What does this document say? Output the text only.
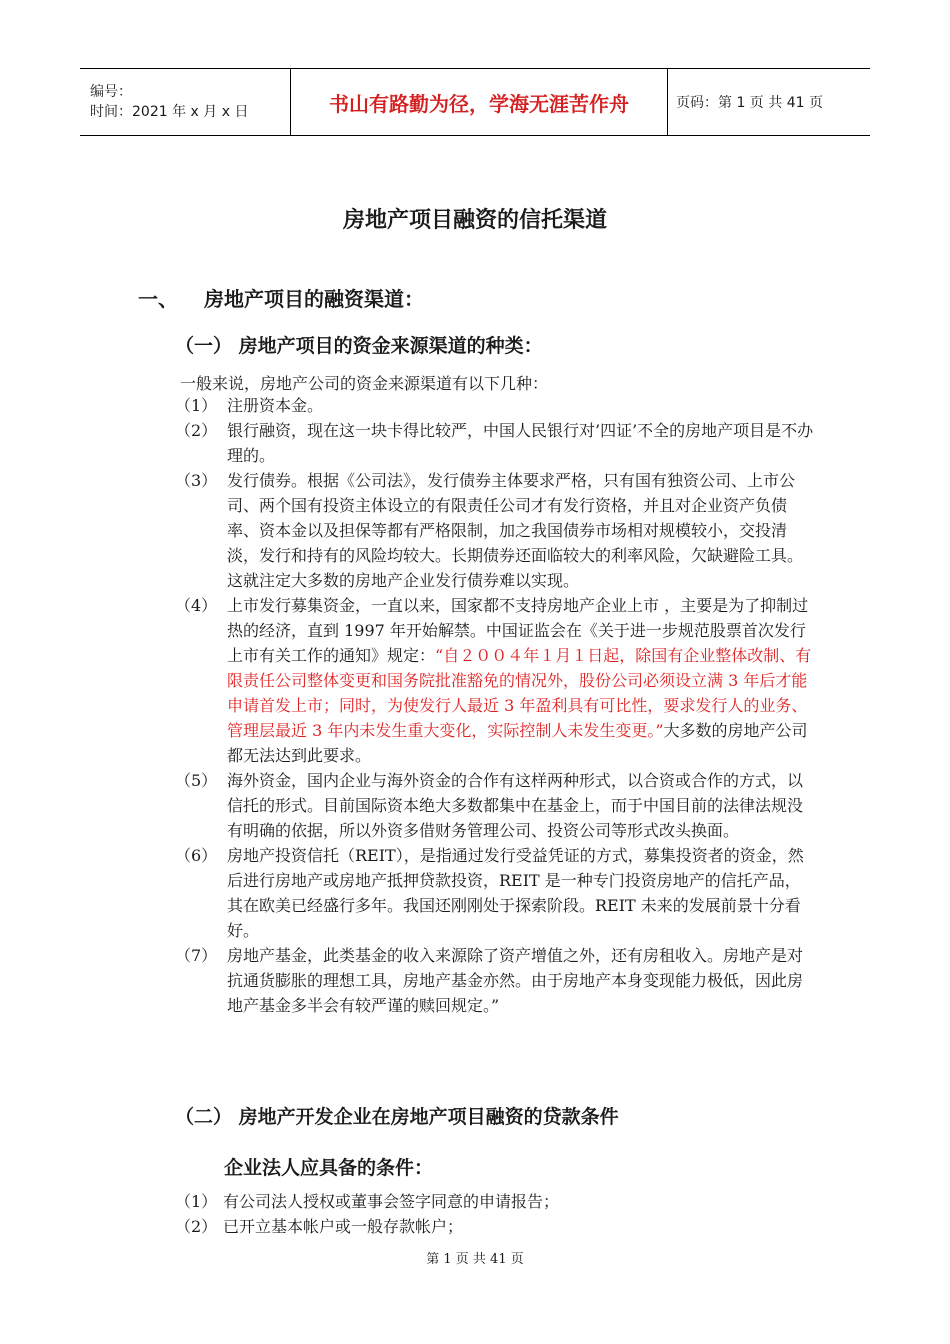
编号：
时间：2021 年 x 月 x 日	书山有路勤为径，学海无涯苦作舟	页码：第 1 页 共 41 页
房地产项目融资的信托渠道
一、 房地产项目的融资渠道：
（一） 房地产项目的资金来源渠道的种类：
一般来说，房地产公司的资金来源渠道有以下几种：
（1） 注册资本金。
（2） 银行融资，现在这一块卡得比较严，中国人民银行对’四证’不全的房地产项目是不办理的。
（3） 发行债券。根据《公司法》，发行债券主体要求严格，只有国有独资公司、上市公司、两个国有投资主体设立的有限责任公司才有发行资格，并且对企业资产负债率、资本金以及担保等都有严格限制，加之我国债券市场相对规模较小，交投清淡，发行和持有的风险均较大。长期债券还面临较大的利率风险，欠缺避险工具。这就注定大多数的房地产企业发行债券难以实现。
（4） 上市发行募集资金，一直以来，国家都不支持房地产企业上市 ，主要是为了抑制过热的经济，直到 1997 年开始解禁。中国证监会在《关于进一步规范股票首次发行上市有关工作的通知》规定：“自２００４年１月１日起，除国有企业整体改制、有限责任公司整体变更和国务院批准豁免的情况外，股份公司必须设立满 3 年后才能申请首发上市；同时，为使发行人最近 3 年盈利具有可比性，要求发行人的业务、管理层最近 3 年内未发生重大变化，实际控制人未发生变更。”大多数的房地产公司都无法达到此要求。
（5） 海外资金，国内企业与海外资金的合作有这样两种形式，以合资或合作的方式，以信托的形式。目前国际资本绝大多数都集中在基金上，而于中国目前的法律法规没有明确的依据，所以外资多借财务管理公司、投资公司等形式改头换面。
（6） 房地产投资信托（REIT），是指通过发行受益凭证的方式，募集投资者的资金，然后进行房地产或房地产抵押贷款投资，REIT 是一种专门投资房地产的信托产品，其在欧美已经盛行多年。我国还刚刚处于探索阶段。REIT 未来的发展前景十分看好。
（7） 房地产基金，此类基金的收入来源除了资产增值之外，还有房租收入。房地产是对抗通货膨胀的理想工具，房地产基金亦然。由于房地产本身变现能力极低，因此房地产基金多半会有较严谨的赎回规定。”
（二） 房地产开发企业在房地产项目融资的贷款条件
企业法人应具备的条件：
（1） 有公司法人授权或董事会签字同意的申请报告；
（2） 已开立基本帐户或一般存款帐户；
第 1 页 共 41 页
